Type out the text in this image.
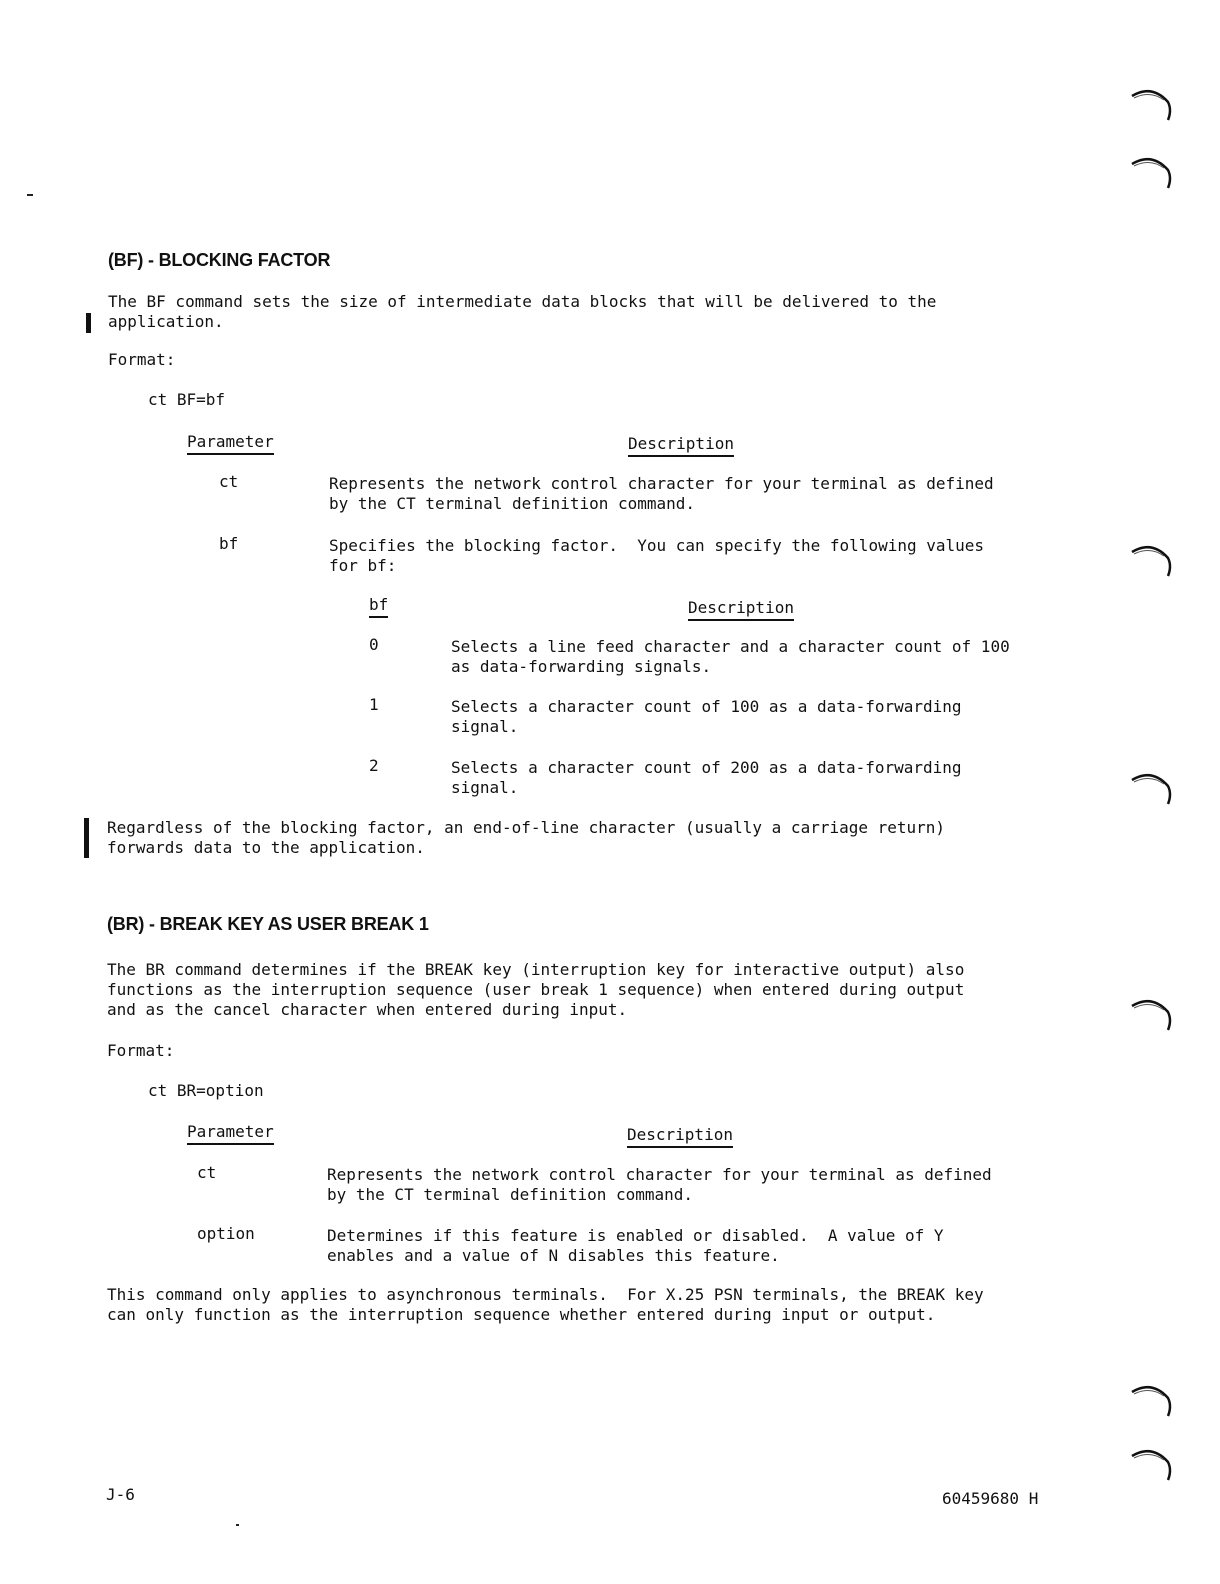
(BF) - BLOCKING FACTOR
The BF command sets the size of intermediate data blocks that will be delivered to the
application.
Format:
ct BF=bf
Parameter	Description
ct	Represents the network control character for your terminal as defined
by the CT terminal definition command.
bf	Specifies the blocking factor.  You can specify the following values
for bf:
bf	Description
0	Selects a line feed character and a character count of 100
as data-forwarding signals.
1	Selects a character count of 100 as a data-forwarding
signal.
2	Selects a character count of 200 as a data-forwarding
signal.
Regardless of the blocking factor, an end-of-line character (usually a carriage return)
forwards data to the application.
(BR) - BREAK KEY AS USER BREAK 1
The BR command determines if the BREAK key (interruption key for interactive output) also
functions as the interruption sequence (user break 1 sequence) when entered during output
and as the cancel character when entered during input.
Format:
ct BR=option
Parameter	Description
ct	Represents the network control character for your terminal as defined
by the CT terminal definition command.
option	Determines if this feature is enabled or disabled.  A value of Y
enables and a value of N disables this feature.
This command only applies to asynchronous terminals.  For X.25 PSN terminals, the BREAK key
can only function as the interruption sequence whether entered during input or output.
J-6	60459680 H
